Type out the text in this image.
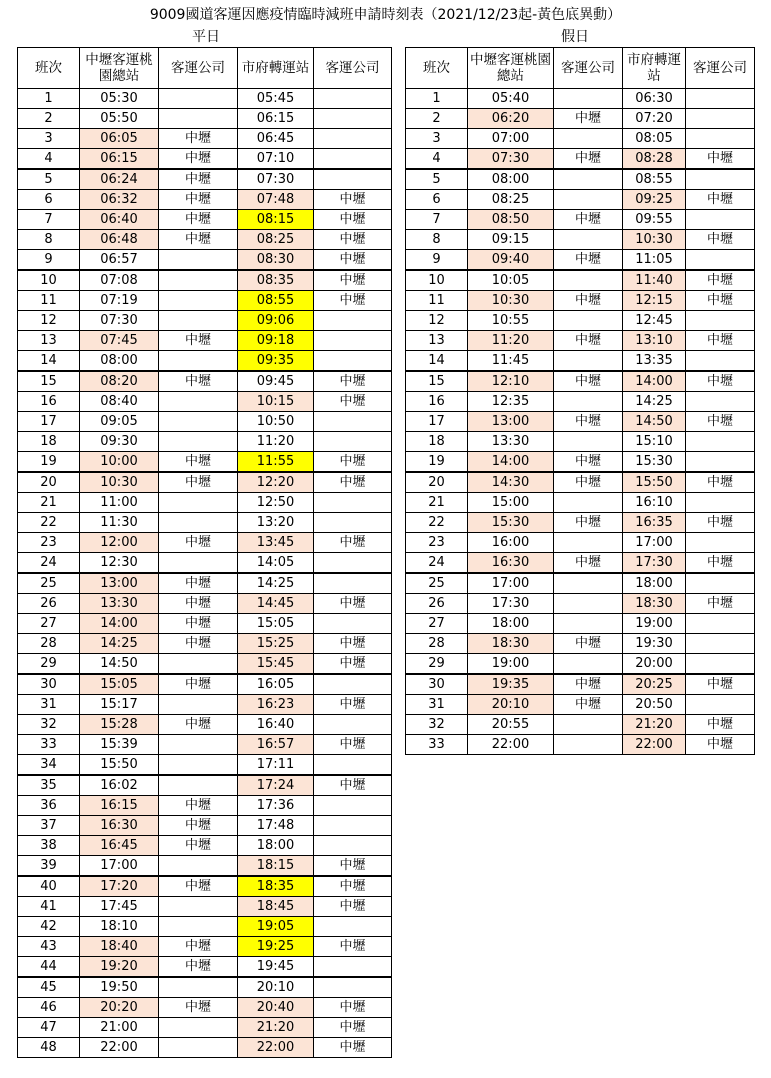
9009國道客運因應疫情臨時減班申請時刻表（2021/12/23起-黃色底異動）
平日	假日
班次	中壢客運桃園總站	客運公司	市府轉運站	客運公司
1	05:30		05:45	
2	05:50		06:15	
3	06:05	中壢	06:45	
4	06:15	中壢	07:10	
5	06:24	中壢	07:30	
6	06:32	中壢	07:48	中壢
7	06:40	中壢	08:15	中壢
8	06:48	中壢	08:25	中壢
9	06:57		08:30	中壢
10	07:08		08:35	中壢
11	07:19		08:55	中壢
12	07:30		09:06	
13	07:45	中壢	09:18	
14	08:00		09:35	
15	08:20	中壢	09:45	中壢
16	08:40		10:15	中壢
17	09:05		10:50	
18	09:30		11:20	
19	10:00	中壢	11:55	中壢
20	10:30	中壢	12:20	中壢
21	11:00		12:50	
22	11:30		13:20	
23	12:00	中壢	13:45	中壢
24	12:30		14:05	
25	13:00	中壢	14:25	
26	13:30	中壢	14:45	中壢
27	14:00	中壢	15:05	
28	14:25	中壢	15:25	中壢
29	14:50		15:45	中壢
30	15:05	中壢	16:05	
31	15:17		16:23	中壢
32	15:28	中壢	16:40	
33	15:39		16:57	中壢
34	15:50		17:11	
35	16:02		17:24	中壢
36	16:15	中壢	17:36	
37	16:30	中壢	17:48	
38	16:45	中壢	18:00	
39	17:00		18:15	中壢
40	17:20	中壢	18:35	中壢
41	17:45		18:45	中壢
42	18:10		19:05	
43	18:40	中壢	19:25	中壢
44	19:20	中壢	19:45	
45	19:50		20:10	
46	20:20	中壢	20:40	中壢
47	21:00		21:20	中壢
48	22:00		22:00	中壢
班次	中壢客運桃園總站	客運公司	市府轉運站	客運公司
1	05:40		06:30	
2	06:20	中壢	07:20	
3	07:00		08:05	
4	07:30	中壢	08:28	中壢
5	08:00		08:55	
6	08:25		09:25	中壢
7	08:50	中壢	09:55	
8	09:15		10:30	中壢
9	09:40	中壢	11:05	
10	10:05		11:40	中壢
11	10:30	中壢	12:15	中壢
12	10:55		12:45	
13	11:20	中壢	13:10	中壢
14	11:45		13:35	
15	12:10	中壢	14:00	中壢
16	12:35		14:25	
17	13:00	中壢	14:50	中壢
18	13:30		15:10	
19	14:00	中壢	15:30	
20	14:30	中壢	15:50	中壢
21	15:00		16:10	
22	15:30	中壢	16:35	中壢
23	16:00		17:00	
24	16:30	中壢	17:30	中壢
25	17:00		18:00	
26	17:30		18:30	中壢
27	18:00		19:00	
28	18:30	中壢	19:30	
29	19:00		20:00	
30	19:35	中壢	20:25	中壢
31	20:10	中壢	20:50	
32	20:55		21:20	中壢
33	22:00		22:00	中壢
